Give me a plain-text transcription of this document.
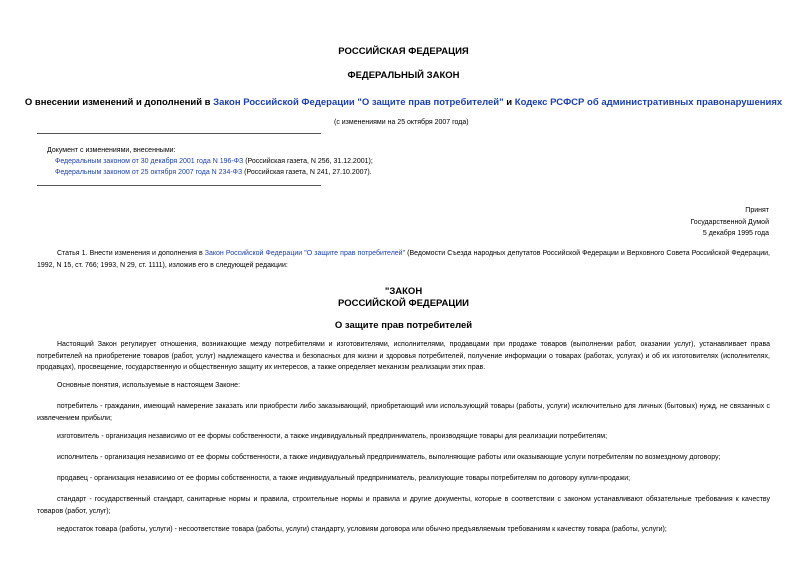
РОССИЙСКАЯ ФЕДЕРАЦИЯ
ФЕДЕРАЛЬНЫЙ ЗАКОН
О внесении изменений и дополнений в Закон Российской Федерации "О защите прав потребителей" и Кодекс РСФСР об административных правонарушениях
(с изменениями на 25 октября 2007 года)
Документ с изменениями, внесенными:
Федеральным законом от 30 декабря 2001 года N 196-ФЗ (Российская газета, N 256, 31.12.2001);
Федеральным законом от 25 октября 2007 года N 234-ФЗ (Российская газета, N 241, 27.10.2007).
Принят
Государственной Думой
5 декабря 1995 года
Статья 1. Внести изменения и дополнения в Закон Российской Федерации "О защите прав потребителей" (Ведомости Съезда народных депутатов Российской Федерации и Верховного Совета Российской Федерации, 1992, N 15, ст. 766; 1993, N 29, ст. 1111), изложив его в следующей редакции:
"ЗАКОН
РОССИЙСКОЙ ФЕДЕРАЦИИ
О защите прав потребителей
Настоящий Закон регулирует отношения, возникающие между потребителями и изготовителями, исполнителями, продавцами при продаже товаров (выполнении работ, оказании услуг), устанавливает права потребителей на приобретение товаров (работ, услуг) надлежащего качества и безопасных для жизни и здоровья потребителей, получение информации о товарах (работах, услугах) и об их изготовителях (исполнителях, продавцах), просвещение, государственную и общественную защиту их интересов, а также определяет механизм реализации этих прав.
Основные понятия, используемые в настоящем Законе:
потребитель - гражданин, имеющий намерение заказать или приобрести либо заказывающий, приобретающий или использующий товары (работы, услуги) исключительно для личных (бытовых) нужд, не связанных с извлечением прибыли;
изготовитель - организация независимо от ее формы собственности, а также индивидуальный предприниматель, производящие товары для реализации потребителям;
исполнитель - организация независимо от ее формы собственности, а также индивидуальный предприниматель, выполняющие работы или оказывающие услуги потребителям по возмездному договору;
продавец - организация независимо от ее формы собственности, а также индивидуальный предприниматель, реализующие товары потребителям по договору купли-продажи;
стандарт - государственный стандарт, санитарные нормы и правила, строительные нормы и правила и другие документы, которые в соответствии с законом устанавливают обязательные требования к качеству товаров (работ, услуг);
недостаток товара (работы, услуги) - несоответствие товара (работы, услуги) стандарту, условиям договора или обычно предъявляемым требованиям к качеству товара (работы, услуги);
